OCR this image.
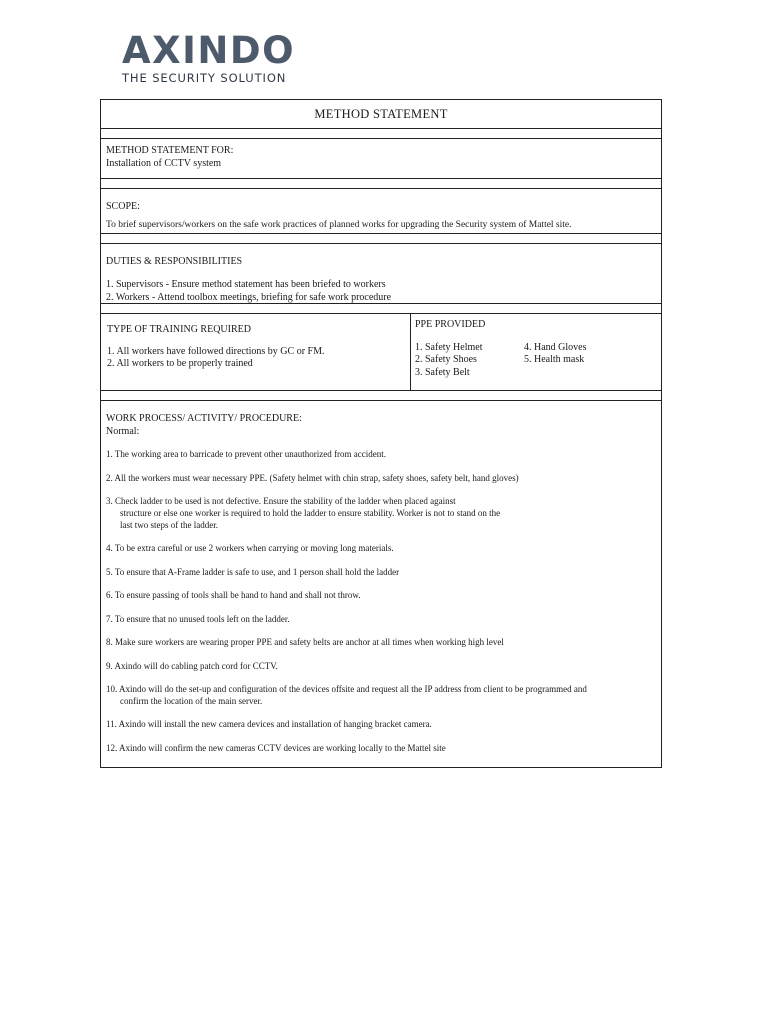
AXINDO
THE SECURITY SOLUTION
METHOD STATEMENT
METHOD STATEMENT FOR:
Installation of CCTV system
SCOPE:
To brief supervisors/workers on the safe work practices of planned works for upgrading the Security system of Mattel site.
DUTIES & RESPONSIBILITIES
1. Supervisors - Ensure method statement has been briefed to workers
2. Workers - Attend toolbox meetings, briefing for safe work procedure
TYPE OF TRAINING REQUIRED
1. All workers have followed directions by GC or FM.
2. All workers to be properly trained
PPE PROVIDED
1. Safety Helmet	4. Hand Gloves
2. Safety Shoes	5. Health mask
3. Safety Belt
WORK PROCESS/ ACTIVITY/ PROCEDURE:
Normal:
1. The working area to barricade to prevent other unauthorized from accident.
2. All the workers must wear necessary PPE. (Safety helmet with chin strap, safety shoes, safety belt, hand gloves)
3. Check ladder to be used is not defective. Ensure the stability of the ladder when placed against
structure or else one worker is required to hold the ladder to ensure stability. Worker is not to stand on the
last two steps of the ladder.
4. To be extra careful or use 2 workers when carrying or moving long materials.
5. To ensure that A-Frame ladder is safe to use, and 1 person shall hold the ladder
6. To ensure passing of tools shall be hand to hand and shall not throw.
7. To ensure that no unused tools left on the ladder.
8. Make sure workers are wearing proper PPE and safety belts are anchor at all times when working high level
9. Axindo will do cabling patch cord for CCTV.
10. Axindo will do the set-up and configuration of the devices offsite and request all the IP address from client to be programmed and
confirm the location of the main server.
11. Axindo will install the new camera devices and installation of hanging bracket camera.
12. Axindo will confirm the new cameras CCTV devices are working locally to the Mattel site
